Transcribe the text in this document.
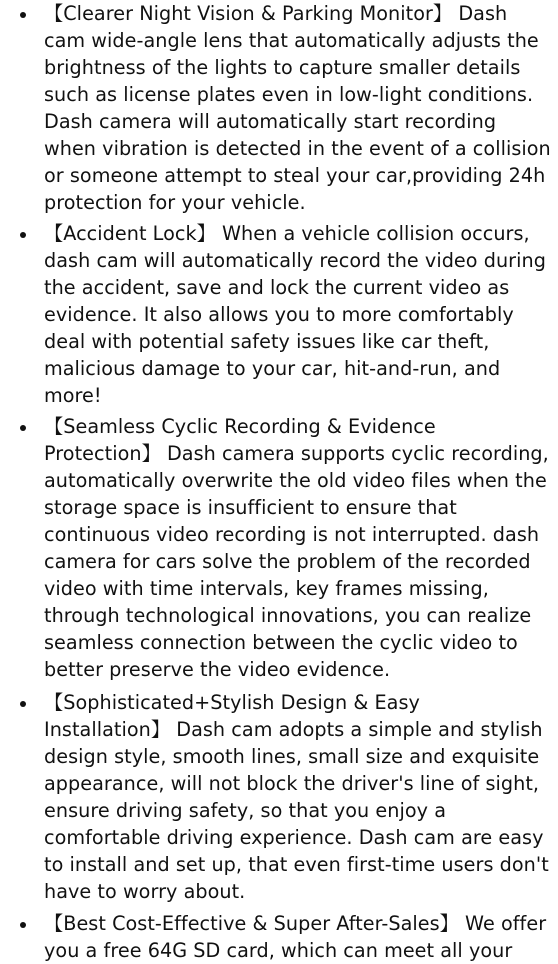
【Clearer Night Vision & Parking Monitor】 Dash cam wide-angle lens that automatically adjusts the brightness of the lights to capture smaller details such as license plates even in low-light conditions. Dash camera will automatically start recording when vibration is detected in the event of a collision or someone attempt to steal your car,providing 24h protection for your vehicle.
【Accident Lock】 When a vehicle collision occurs, dash cam will automatically record the video during the accident, save and lock the current video as evidence. It also allows you to more comfortably deal with potential safety issues like car theft, malicious damage to your car, hit-and-run, and more!
【Seamless Cyclic Recording & Evidence Protection】 Dash camera supports cyclic recording, automatically overwrite the old video files when the storage space is insufficient to ensure that continuous video recording is not interrupted. dash camera for cars solve the problem of the recorded video with time intervals, key frames missing, through technological innovations, you can realize seamless connection between the cyclic video to better preserve the video evidence.
【Sophisticated+Stylish Design & Easy Installation】 Dash cam adopts a simple and stylish design style, smooth lines, small size and exquisite appearance, will not block the driver's line of sight, ensure driving safety, so that you enjoy a comfortable driving experience. Dash cam are easy to install and set up, that even first-time users don't have to worry about.
【Best Cost-Effective & Super After-Sales】 We offer you a free 64G SD card, which can meet all your
